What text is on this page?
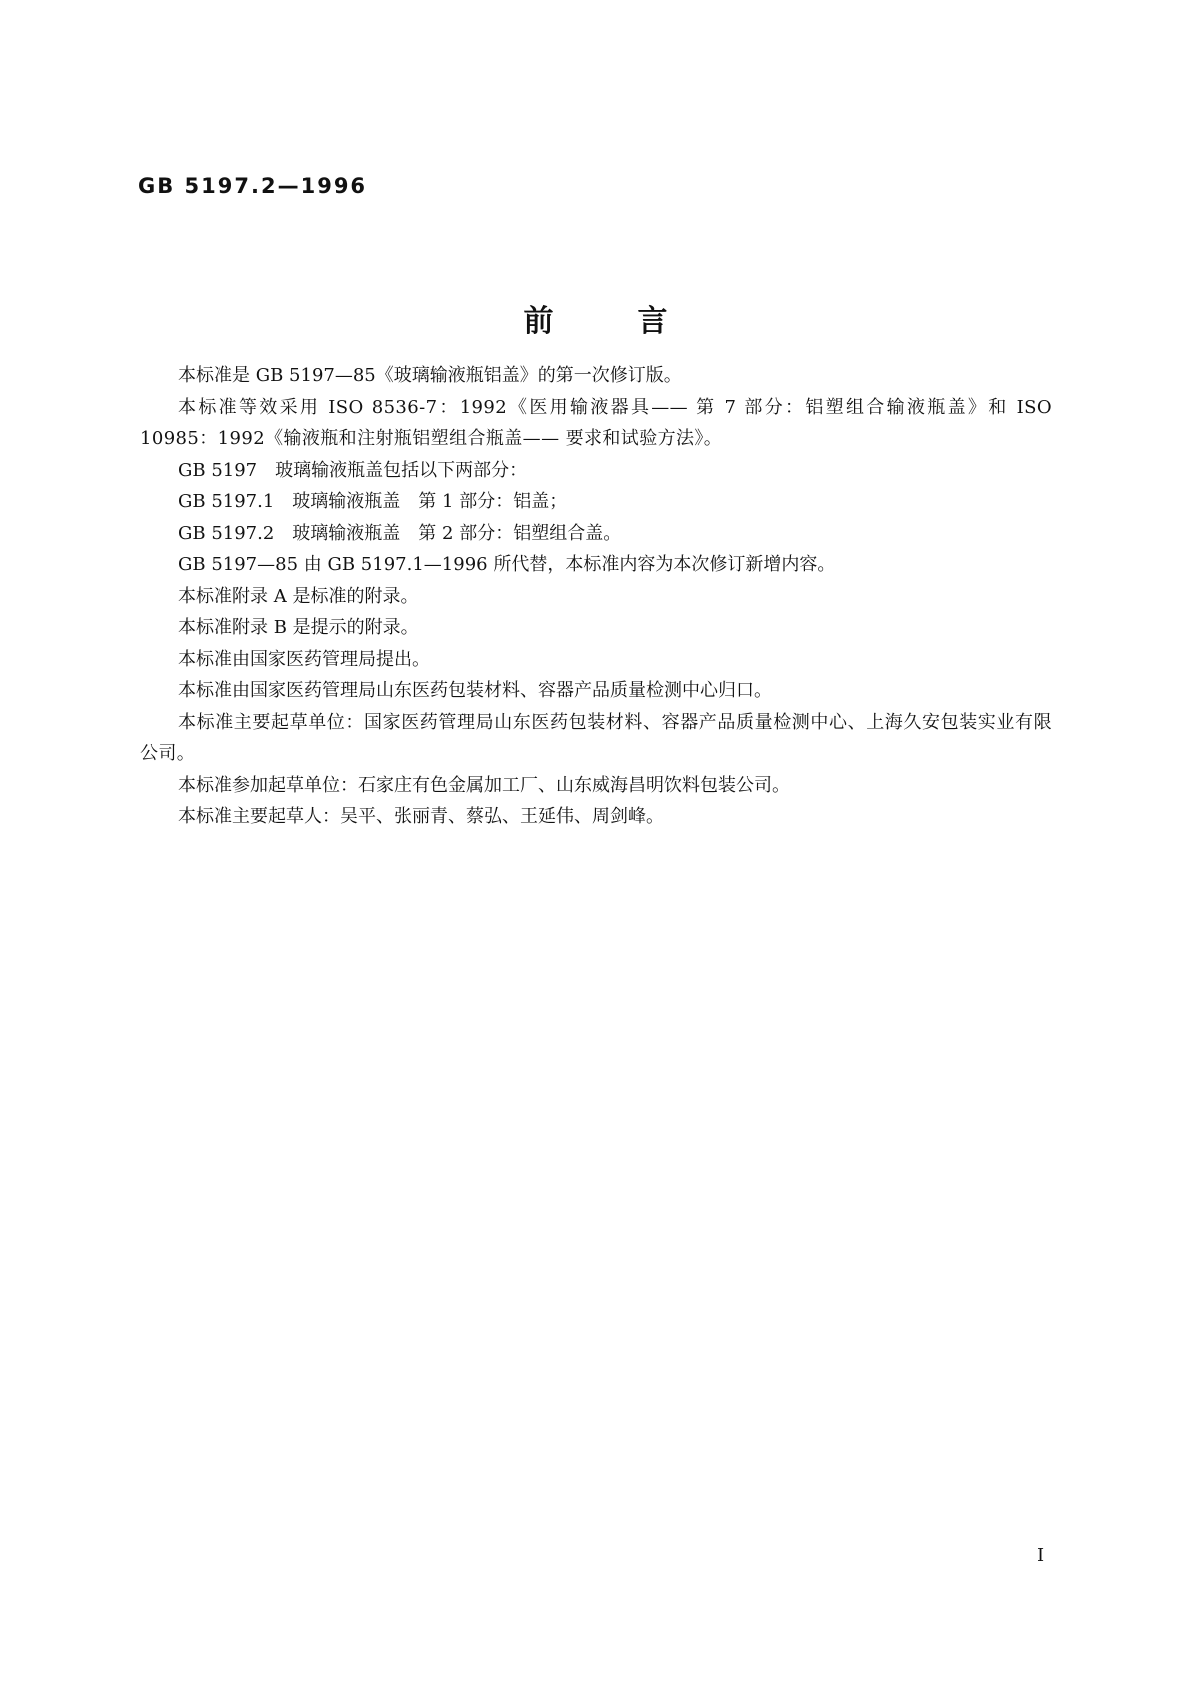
GB 5197.2—1996
前	言

本标准是 GB 5197—85《玻璃输液瓶铝盖》的第一次修订版。

本标准等效采用 ISO 8536-7：1992《医用输液器具—— 第 7 部分：铝塑组合输液瓶盖》和 ISO 10985：1992《输液瓶和注射瓶铝塑组合瓶盖—— 要求和试验方法》。

GB 5197　玻璃输液瓶盖包括以下两部分：

GB 5197.1　玻璃输液瓶盖　第 1 部分：铝盖；

GB 5197.2　玻璃输液瓶盖　第 2 部分：铝塑组合盖。

GB 5197—85 由 GB 5197.1—1996 所代替，本标准内容为本次修订新增内容。

本标准附录 A 是标准的附录。

本标准附录 B 是提示的附录。

本标准由国家医药管理局提出。

本标准由国家医药管理局山东医药包装材料、容器产品质量检测中心归口。

本标准主要起草单位：国家医药管理局山东医药包装材料、容器产品质量检测中心、上海久安包装实业有限公司。

本标准参加起草单位：石家庄有色金属加工厂、山东威海昌明饮料包装公司。

本标准主要起草人：吴平、张丽青、蔡弘、王延伟、周剑峰。

I
